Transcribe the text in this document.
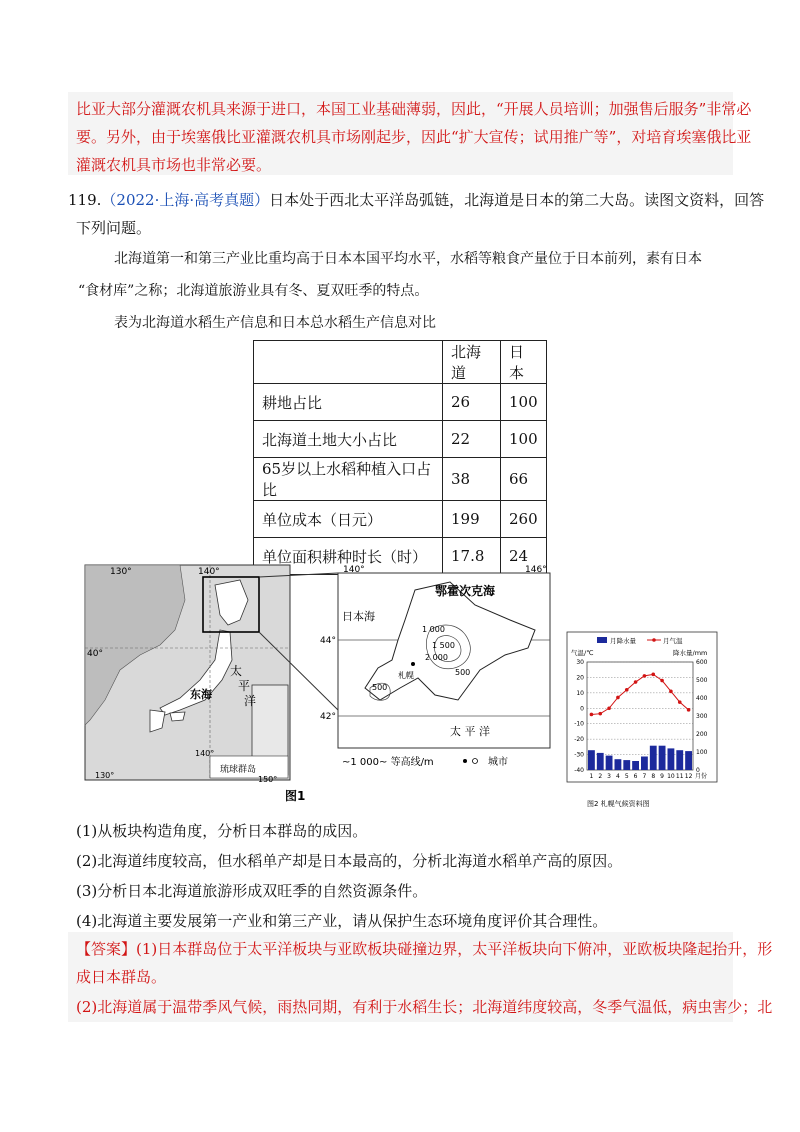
比亚大部分灌溉农机具来源于进口，本国工业基础薄弱，因此，“开展人员培训；加强售后服务”非常必
要。另外，由于埃塞俄比亚灌溉农机具市场刚起步，因此“扩大宣传；试用推广等”，对培育埃塞俄比亚
灌溉农机具市场也非常必要。
119.（2022·上海·高考真题）日本处于西北太平洋岛弧链，北海道是日本的第二大岛。读图文资料，回答
下列问题。
北海道第一和第三产业比重均高于日本本国平均水平，水稻等粮食产量位于日本前列，素有日本
“食材库”之称；北海道旅游业具有冬、夏双旺季的特点。
表为北海道水稻生产信息和日本总水稻生产信息对比
	北海道	日本
耕地占比	26	100
北海道土地大小占比	22	100
65岁以上水稻种植入口占比	38	66
单位成本（日元）	199	260
单位面积耕种时长（时）	17.8	24
琉球群岛
130°	140°
40°
太
平
洋
东海
130°
140°
150°
140°	146°
44°
42°
鄂霍次克海
日本海
太 平 洋
1 000
1 500
2 000
500
500
札幌
~1 000~ 等高线/m	城市
图1
月降水量	月气温
气温/℃	降水量/mm
30
20
10
0
-10
-20
-30
-40
600
500
400
300
200
100
0
1 2 3 4 5 6 7 8 9 10 11 12 月份
图2 札幌气候资料图
(1)从板块构造角度，分析日本群岛的成因。
(2)北海道纬度较高，但水稻单产却是日本最高的，分析北海道水稻单产高的原因。
(3)分析日本北海道旅游形成双旺季的自然资源条件。
(4)北海道主要发展第一产业和第三产业，请从保护生态环境角度评价其合理性。
【答案】(1)日本群岛位于太平洋板块与亚欧板块碰撞边界，太平洋板块向下俯冲，亚欧板块隆起抬升，形
成日本群岛。
(2)北海道属于温带季风气候，雨热同期，有利于水稻生长；北海道纬度较高，冬季气温低，病虫害少；北
